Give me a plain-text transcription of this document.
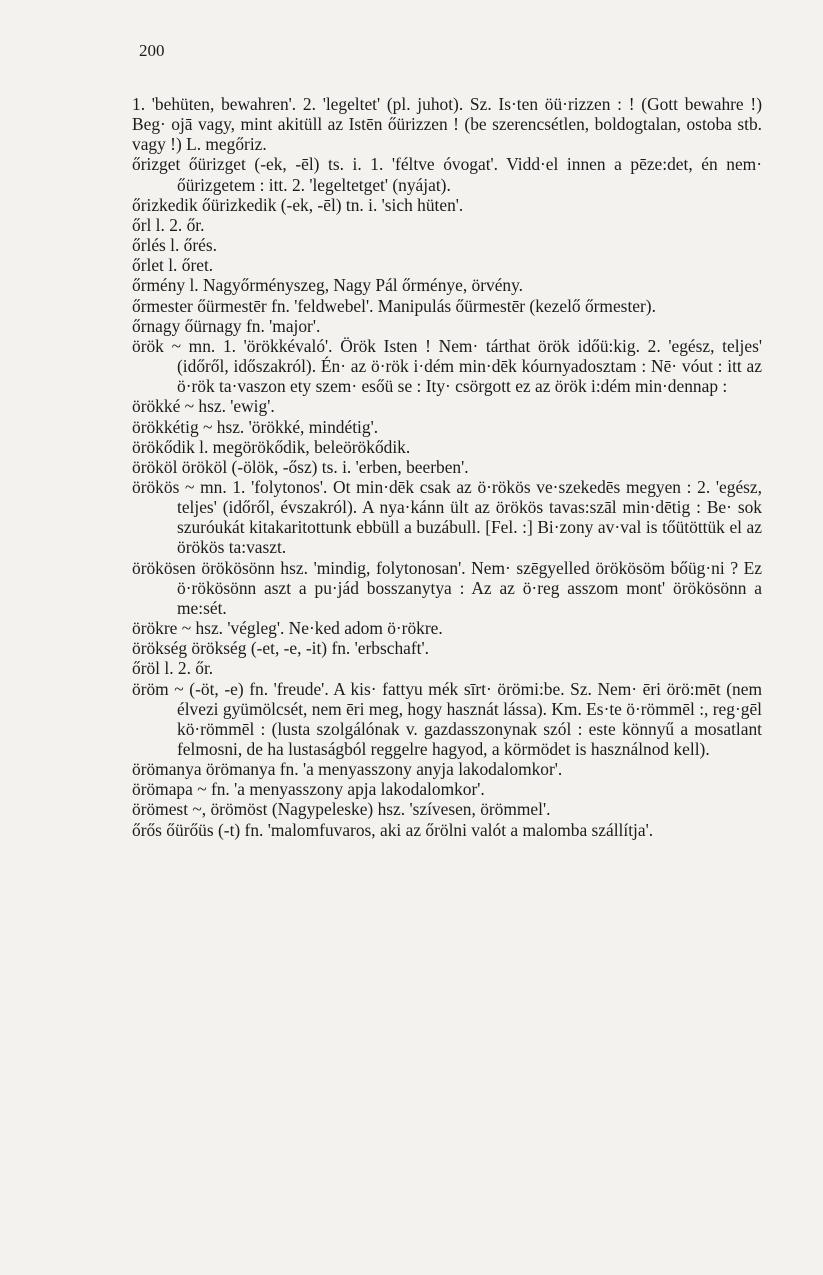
200

1. 'behüten, bewahren'. 2. 'legeltet' (pl. juhot). Sz. Is·ten öü·rizzen : ! (Gott bewahre !) Beg· ojā vagy, mint akitüll az Istēn őürizzen ! (be szerencsétlen, boldogtalan, ostoba stb. vagy !) L. megőriz.

őrizget őürizget (-ek, -ēl) ts. i. 1. 'féltve óvogat'. Vidd·el innen a pēze:det, én nem· őürizgetem : itt. 2. 'legeltetget' (nyájat).

őrizkedik őürizkedik (-ek, -ēl) tn. i. 'sich hüten'.

őrl l. 2. őr.

őrlés l. őrés.

őrlet l. őret.

őrmény l. Nagyőrményszeg, Nagy Pál őrménye, örvény.

őrmester őürmestēr fn. 'feldwebel'. Manipulás őürmestēr (kezelő őrmester).

őrnagy őürnagy fn. 'major'.

örök ~ mn. 1. 'örökkévaló'. Örök Isten ! Nem· tárthat örök időü:kig. 2. 'egész, teljes' (időről, időszakról). Én· az ö·rök i·dém min·dēk kóurnyadosztam : Nē· vóut : itt az ö·rök ta·vaszon ety szem· esőü se : Ity· csörgott ez az örök i:dém min·dennap :

örökké ~ hsz. 'ewig'.

örökkétig ~ hsz. 'örökké, mindétig'.

örökődik l. megörökődik, beleörökődik.

örököl örököl (-ölök, -ősz) ts. i. 'erben, beerben'.

örökös ~ mn. 1. 'folytonos'. Ot min·dēk csak az ö·rökös ve·szekedēs megyen : 2. 'egész, teljes' (időről, évszakról). A nya·kánn ült az örökös tavas:szāl min·dētig : Be· sok szuróukát kitakaritottunk ebbüll a buzábull. [Fel. :] Bi·zony av·val is tőütöttük el az örökös ta:vaszt.

örökösen örökösönn hsz. 'mindig, folytonosan'. Nem· szēgyelled örökösöm bőüg·ni ? Ez ö·rökösönn aszt a pu·jád bosszanytya : Az az ö·reg asszom mont' örökösönn a me:sét.

örökre ~ hsz. 'végleg'. Ne·ked adom ö·rökre.

örökség örökség (-et, -e, -it) fn. 'erbschaft'.

őröl l. 2. őr.

öröm ~ (-öt, -e) fn. 'freude'. A kis· fattyu mék sīrt· örömi:be. Sz. Nem· ēri örö:mēt (nem élvezi gyümölcsét, nem ēri meg, hogy hasznát lássa). Km. Es·te ö·römmēl :, reg·gēl kö·römmēl : (lusta szolgálónak v. gazdasszonynak szól : este könnyű a mosatlant felmosni, de ha lustaságból reggelre hagyod, a körmödet is használnod kell).

örömanya örömanya fn. 'a menyasszony anyja lakodalomkor'.

örömapa ~ fn. 'a menyasszony apja lakodalomkor'.

örömest ~, örömöst (Nagypeleske) hsz. 'szívesen, örömmel'.

őrős őürőüs (-t) fn. 'malomfuvaros, aki az őrölni valót a malomba szállítja'.
